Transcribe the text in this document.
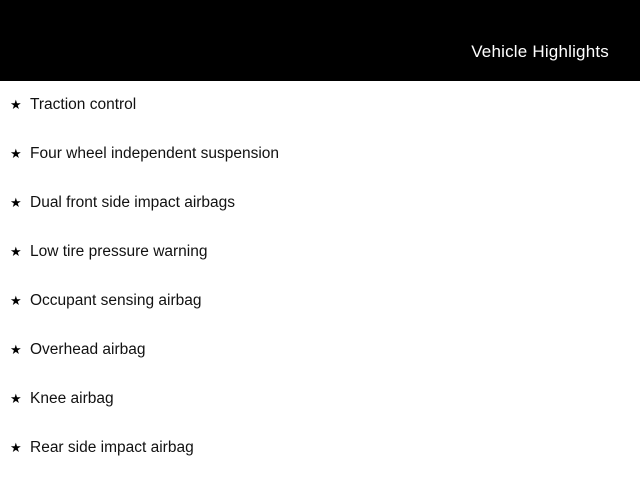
Vehicle Highlights
★ Traction control
★ Four wheel independent suspension
★ Dual front side impact airbags
★ Low tire pressure warning
★ Occupant sensing airbag
★ Overhead airbag
★ Knee airbag
★ Rear side impact airbag
